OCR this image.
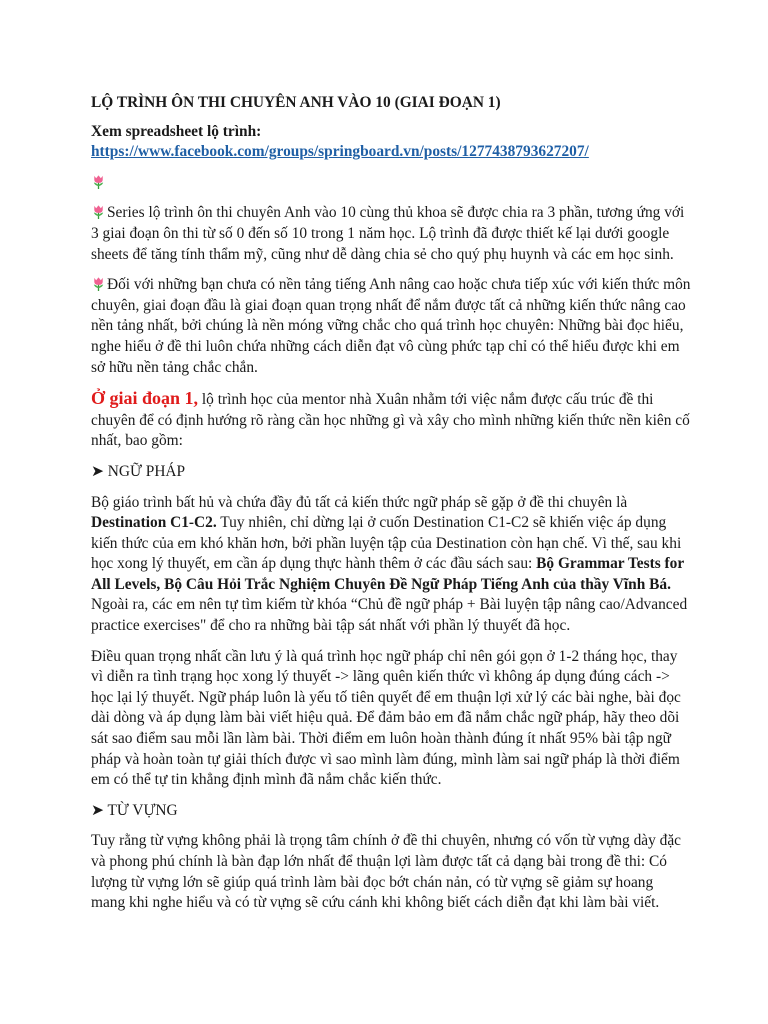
LỘ TRÌNH ÔN THI CHUYÊN ANH VÀO 10 (GIAI ĐOẠN 1)

Xem spreadsheet lộ trình:
https://www.facebook.com/groups/springboard.vn/posts/1277438793627207/

Series lộ trình ôn thi chuyên Anh vào 10 cùng thủ khoa sẽ được chia ra 3 phần, tương ứng với 3 giai đoạn ôn thi từ số 0 đến số 10 trong 1 năm học. Lộ trình đã được thiết kế lại dưới google sheets để tăng tính thẩm mỹ, cũng như dễ dàng chia sẻ cho quý phụ huynh và các em học sinh.

Đối với những bạn chưa có nền tảng tiếng Anh nâng cao hoặc chưa tiếp xúc với kiến thức môn chuyên, giai đoạn đầu là giai đoạn quan trọng nhất để nắm được tất cả những kiến thức nâng cao nền tảng nhất, bởi chúng là nền móng vững chắc cho quá trình học chuyên: Những bài đọc hiểu, nghe hiểu ở đề thi luôn chứa những cách diễn đạt vô cùng phức tạp chỉ có thể hiểu được khi em sở hữu nền tảng chắc chắn.

Ở giai đoạn 1, lộ trình học của mentor nhà Xuân nhằm tới việc nắm được cấu trúc đề thi chuyên để có định hướng rõ ràng cần học những gì và xây cho mình những kiến thức nền kiên cố nhất, bao gồm:

➤ NGỮ PHÁP

Bộ giáo trình bất hủ và chứa đầy đủ tất cả kiến thức ngữ pháp sẽ gặp ở đề thi chuyên là Destination C1-C2. Tuy nhiên, chỉ dừng lại ở cuốn Destination C1-C2 sẽ khiến việc áp dụng kiến thức của em khó khăn hơn, bởi phần luyện tập của Destination còn hạn chế. Vì thế, sau khi học xong lý thuyết, em cần áp dụng thực hành thêm ở các đầu sách sau: Bộ Grammar Tests for All Levels, Bộ Câu Hỏi Trắc Nghiệm Chuyên Đề Ngữ Pháp Tiếng Anh của thầy Vĩnh Bá. Ngoài ra, các em nên tự tìm kiếm từ khóa “Chủ đề ngữ pháp + Bài luyện tập nâng cao/Advanced practice exercises" để cho ra những bài tập sát nhất với phần lý thuyết đã học.

Điều quan trọng nhất cần lưu ý là quá trình học ngữ pháp chỉ nên gói gọn ở 1-2 tháng học, thay vì diễn ra tình trạng học xong lý thuyết -> lãng quên kiến thức vì không áp dụng đúng cách -> học lại lý thuyết. Ngữ pháp luôn là yếu tố tiên quyết để em thuận lợi xử lý các bài nghe, bài đọc dài dòng và áp dụng làm bài viết hiệu quả. Để đảm bảo em đã nắm chắc ngữ pháp, hãy theo dõi sát sao điểm sau mỗi lần làm bài. Thời điểm em luôn hoàn thành đúng ít nhất 95% bài tập ngữ pháp và hoàn toàn tự giải thích được vì sao mình làm đúng, mình làm sai ngữ pháp là thời điểm em có thể tự tin khẳng định mình đã nắm chắc kiến thức.

➤ TỪ VỰNG

Tuy rằng từ vựng không phải là trọng tâm chính ở đề thi chuyên, nhưng có vốn từ vựng dày đặc và phong phú chính là bàn đạp lớn nhất để thuận lợi làm được tất cả dạng bài trong đề thi: Có lượng từ vựng lớn sẽ giúp quá trình làm bài đọc bớt chán nản, có từ vựng sẽ giảm sự hoang mang khi nghe hiểu và có từ vựng sẽ cứu cánh khi không biết cách diễn đạt khi làm bài viết.
